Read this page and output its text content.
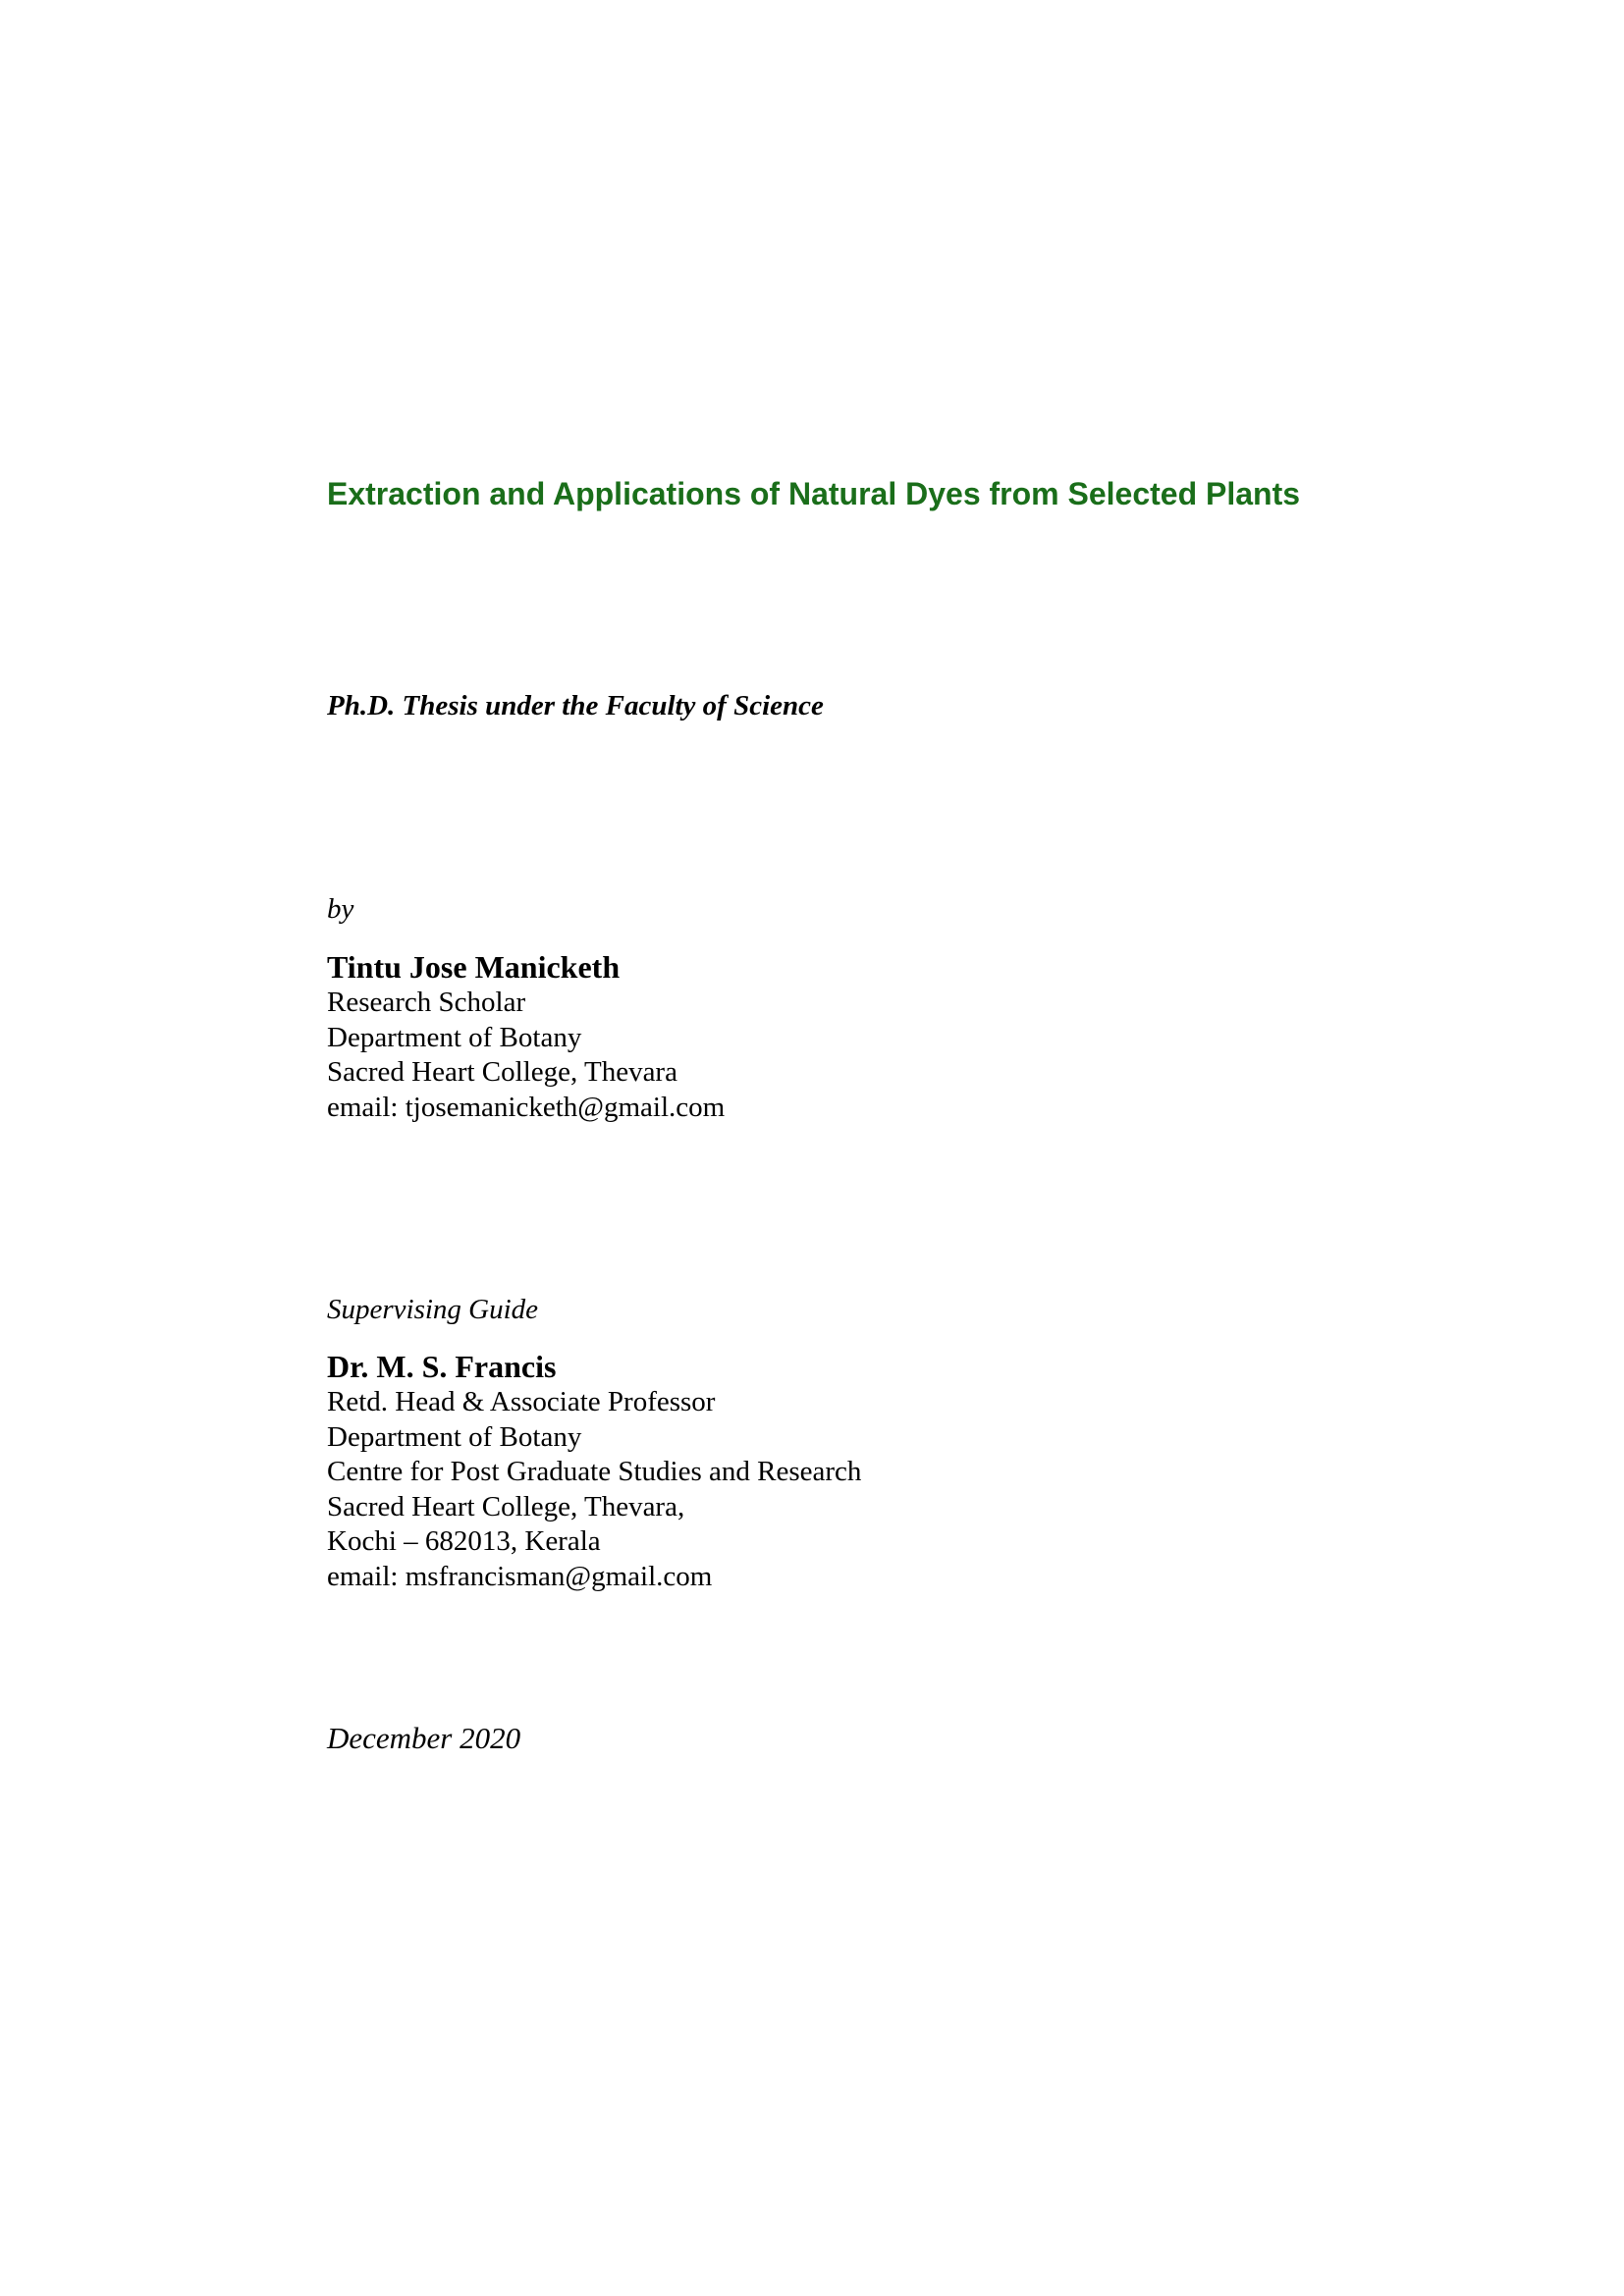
Extraction and Applications of Natural Dyes from Selected Plants
Ph.D. Thesis under the Faculty of Science
by
Tintu Jose Manicketh
Research Scholar
Department of Botany
Sacred Heart College, Thevara
email: tjosemanicketh@gmail.com
Supervising Guide
Dr. M. S. Francis
Retd. Head & Associate Professor
Department of Botany
Centre for Post Graduate Studies and Research
Sacred Heart College, Thevara,
Kochi – 682013, Kerala
email: msfrancisman@gmail.com
December 2020
